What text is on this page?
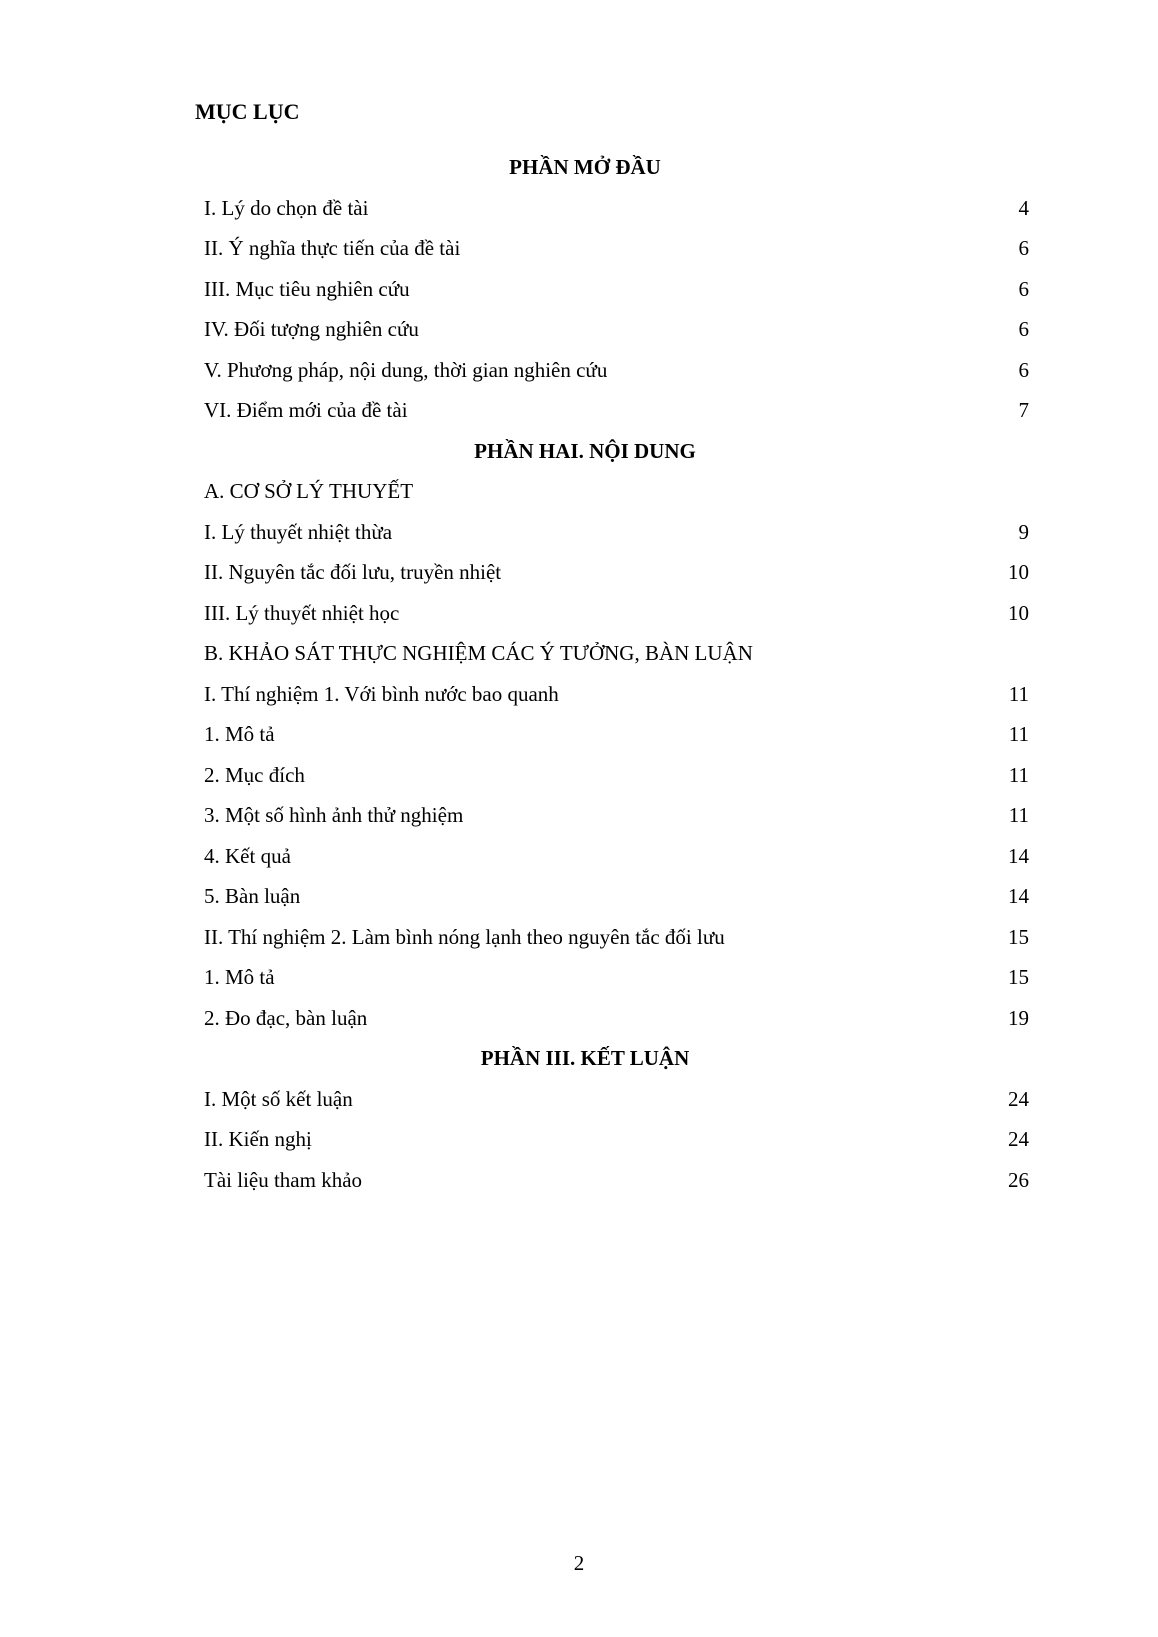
MỤC LỤC
PHẦN MỞ ĐẦU
I. Lý do chọn đề tài	4
II. Ý nghĩa thực tiến của đề tài	6
III. Mục tiêu nghiên cứu	6
IV. Đối tượng nghiên cứu	6
V. Phương pháp, nội dung, thời gian nghiên cứu	6
VI. Điểm mới của đề tài	7
PHẦN HAI. NỘI DUNG
A. CƠ SỞ LÝ THUYẾT
I. Lý thuyết nhiệt thừa	9
II. Nguyên tắc đối lưu, truyền nhiệt	10
III. Lý thuyết nhiệt học	10
B. KHẢO SÁT THỰC NGHIỆM CÁC Ý TƯỞNG, BÀN LUẬN
I. Thí nghiệm 1. Với bình nước bao quanh	11
1. Mô tả	11
2. Mục đích	11
3. Một số hình ảnh thử nghiệm	11
4. Kết quả	14
5. Bàn luận	14
II. Thí nghiệm 2. Làm bình nóng lạnh theo nguyên tắc đối lưu	15
1. Mô tả	15
2. Đo đạc, bàn luận	19
PHẦN III. KẾT LUẬN
I. Một số kết luận	24
II. Kiến nghị	24
Tài liệu tham khảo	26
2
